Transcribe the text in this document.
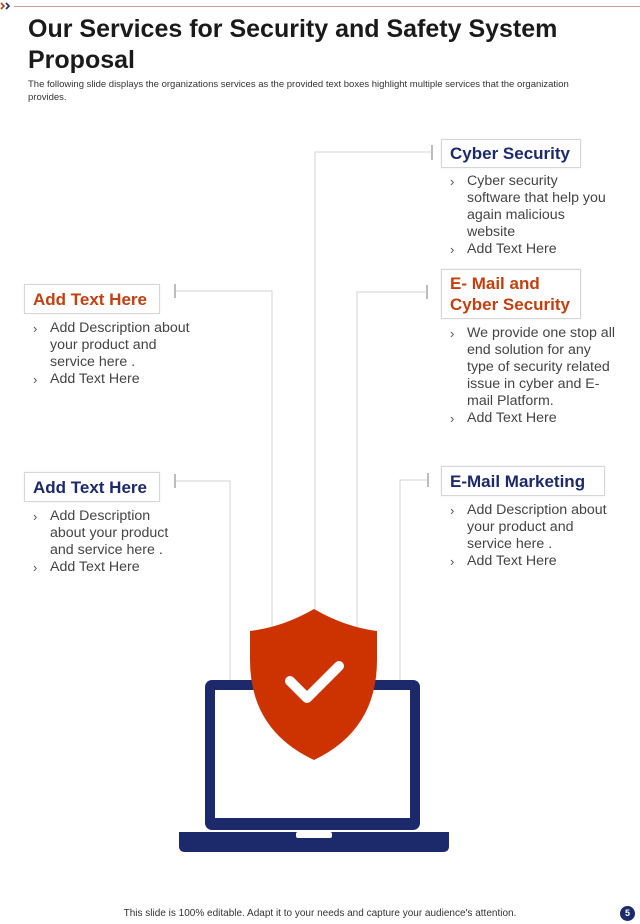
Our Services for Security and Safety System Proposal
The following slide displays the organizations services as the provided text boxes highlight multiple services that the organization provides.
Add Text Here
› Add Description about your product and service here .
› Add Text Here
Add Text Here
› Add Description about your product and service here .
› Add Text Here
Cyber Security
› Cyber security software that help you again malicious website
› Add Text Here
E- Mail and Cyber Security
› We provide one stop all end solution for any type of security related issue in cyber and E- mail Platform.
› Add Text Here
E-Mail Marketing
› Add Description about your product and service here .
› Add Text Here
This slide is 100% editable. Adapt it to your needs and capture your audience's attention.	5
